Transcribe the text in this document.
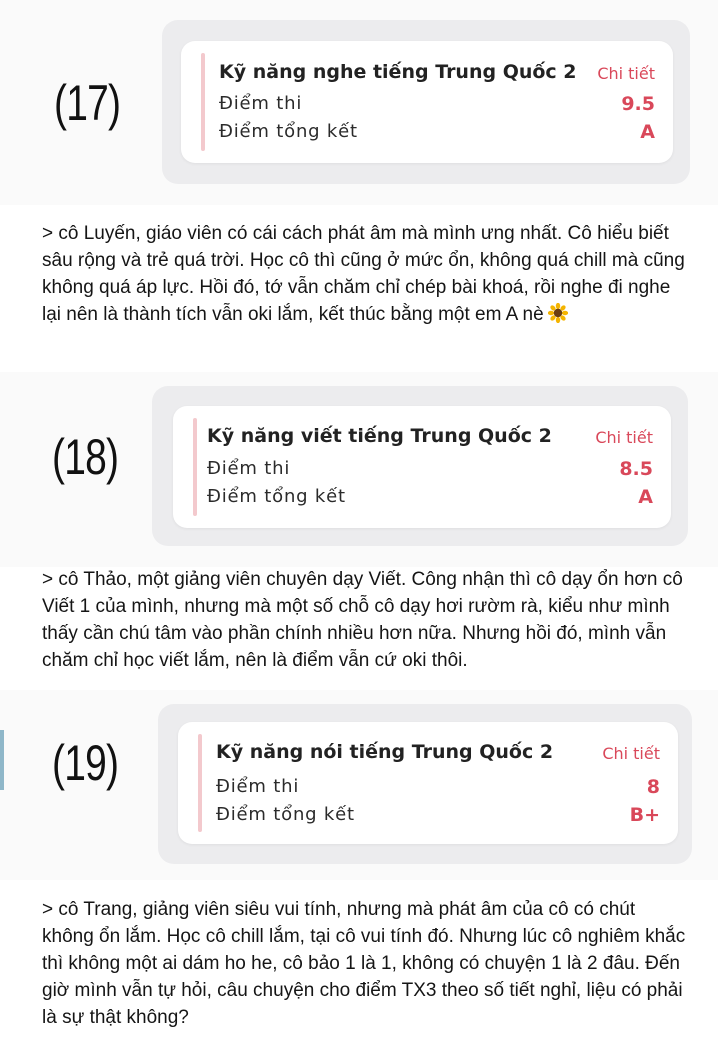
(17)
Kỹ năng nghe tiếng Trung Quốc 2 Chi tiết
Điểm thi	9.5
Điểm tổng kết	A

> cô Luyến, giáo viên có cái cách phát âm mà mình ưng nhất. Cô hiểu biết sâu rộng và trẻ quá trời. Học cô thì cũng ở mức ổn, không quá chill mà cũng không quá áp lực. Hồi đó, tớ vẫn chăm chỉ chép bài khoá, rồi nghe đi nghe lại nên là thành tích vẫn oki lắm, kết thúc bằng một em A nè

(18)	Kỹ năng viết tiếng Trung Quốc 2	Chi tiết
Điểm thi	8.5
Điểm tổng kết	A

> cô Thảo, một giảng viên chuyên dạy Viết. Công nhận thì cô dạy ổn hơn cô Viết 1 của mình, nhưng mà một số chỗ cô dạy hơi rườm rà, kiểu như mình thấy cần chú tâm vào phần chính nhiều hơn nữa. Nhưng hồi đó, mình vẫn chăm chỉ học viết lắm, nên là điểm vẫn cứ oki thôi.

(19)	Kỹ năng nói tiếng Trung Quốc 2	Chi tiết
Điểm thi	8
Điểm tổng kết	B+

> cô Trang, giảng viên siêu vui tính, nhưng mà phát âm của cô có chút không ổn lắm. Học cô chill lắm, tại cô vui tính đó. Nhưng lúc cô nghiêm khắc thì không một ai dám ho he, cô bảo 1 là 1, không có chuyện 1 là 2 đâu. Đến giờ mình vẫn tự hỏi, câu chuyện cho điểm TX3 theo số tiết nghỉ, liệu có phải là sự thật không?
